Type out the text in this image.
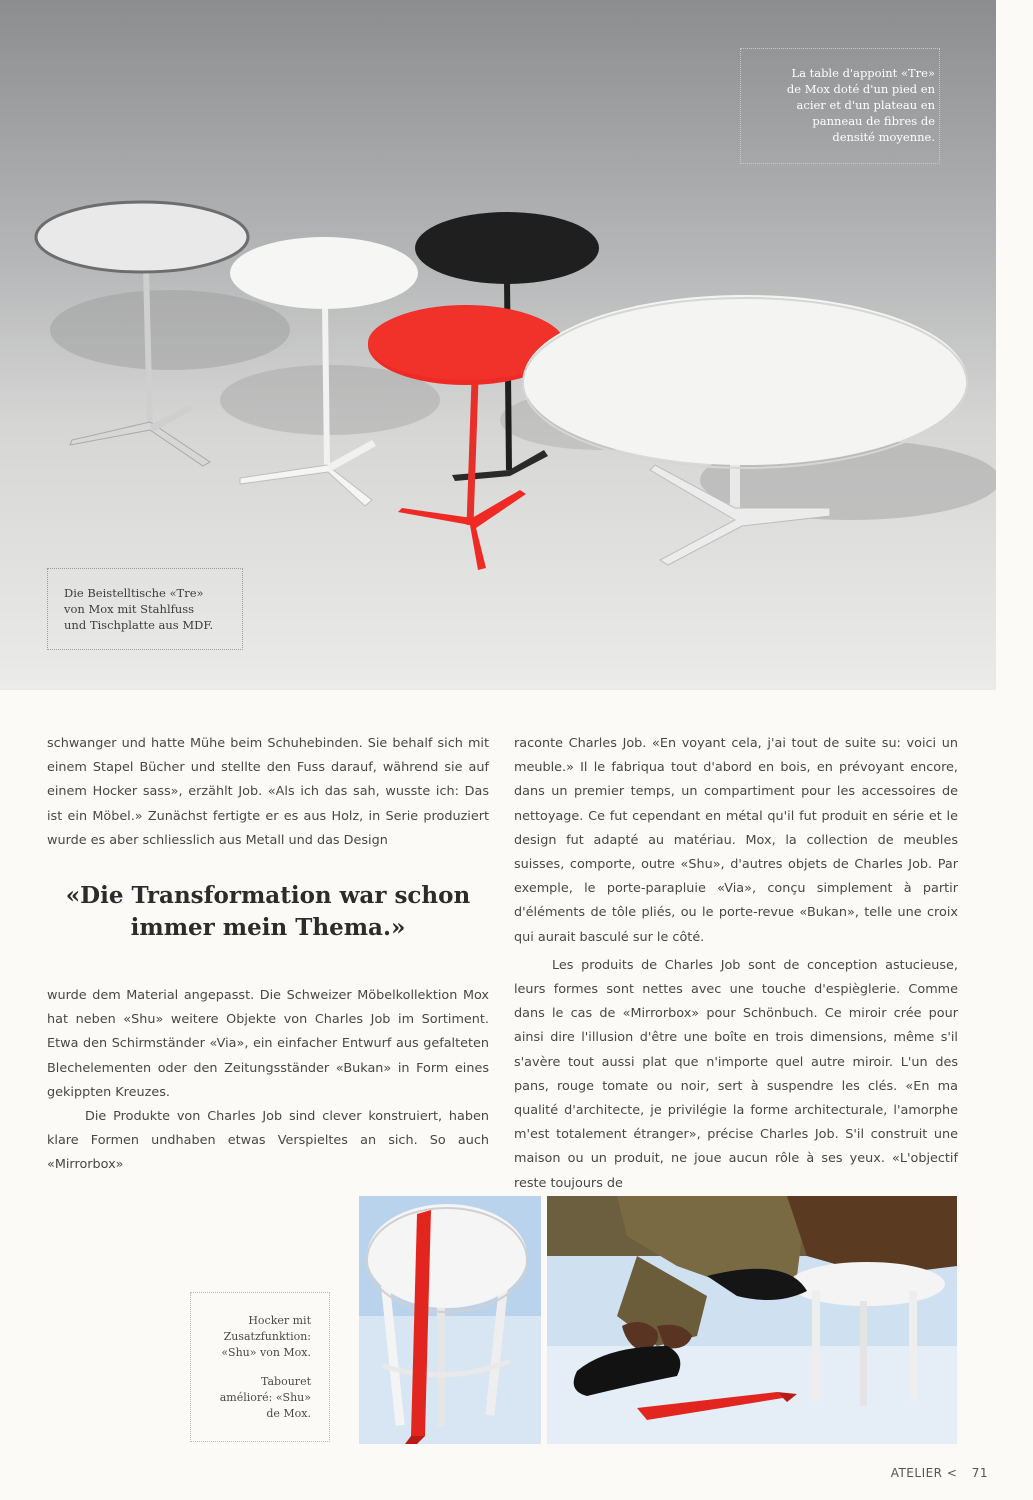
La table d'appoint «Tre»

de Mox doté d'un pied en

acier et d'un plateau en

panneau de fibres de

densité moyenne.

Die Beistelltische «Tre»

von Mox mit Stahlfuss

und Tischplatte aus MDF.

schwanger und hatte Mühe beim Schuhebinden. Sie behalf sich mit einem Stapel Bücher und stellte den Fuss darauf, während sie auf einem Hocker sass», erzählt Job. «Als ich das sah, wusste ich: Das ist ein Möbel.» Zunächst fertigte er es aus Holz, in Serie produziert wurde es aber schliesslich aus Metall und das Design

«Die Transformation war schon
immer mein Thema.»

wurde dem Material angepasst. Die Schweizer Möbelkollektion Mox hat neben «Shu» weitere Objekte von Charles Job im Sortiment. Etwa den Schirmständer «Via», ein einfacher Entwurf aus gefalteten Blechelementen oder den Zeitungsständer «Bukan» in Form eines gekippten Kreuzes.

Die Produkte von Charles Job sind clever konstruiert, haben klare Formen undhaben etwas Verspieltes an sich. So auch «Mirrorbox»

raconte Charles Job. «En voyant cela, j'ai tout de suite su: voici un meuble.» Il le fabriqua tout d'abord en bois, en prévoyant encore, dans un premier temps, un compartiment pour les accessoires de nettoyage. Ce fut cependant en métal qu'il fut produit en série et le design fut adapté au matériau. Mox, la collection de meubles suisses, comporte, outre «Shu», d'autres objets de Charles Job. Par exemple, le porte-parapluie «Via», conçu simplement à partir d'éléments de tôle pliés, ou le porte-revue «Bukan», telle une croix qui aurait basculé sur le côté.

Les produits de Charles Job sont de conception astucieuse, leurs formes sont nettes avec une touche d'espièglerie. Comme dans le cas de «Mirrorbox» pour Schönbuch. Ce miroir crée pour ainsi dire l'illusion d'être une boîte en trois dimensions, même s'il s'avère tout aussi plat que n'importe quel autre miroir. L'un des pans, rouge tomate ou noir, sert à suspendre les clés. «En ma qualité d'architecte, je privilégie la forme architecturale, l'amorphe m'est totalement étranger», précise Charles Job. S'il construit une maison ou un produit, ne joue aucun rôle à ses yeux. «L'objectif reste toujours de

Hocker mit
Zusatzfunktion:
«Shu» von Mox.

Tabouret
amélioré: «Shu»
de Mox.

ATELIER < 71
